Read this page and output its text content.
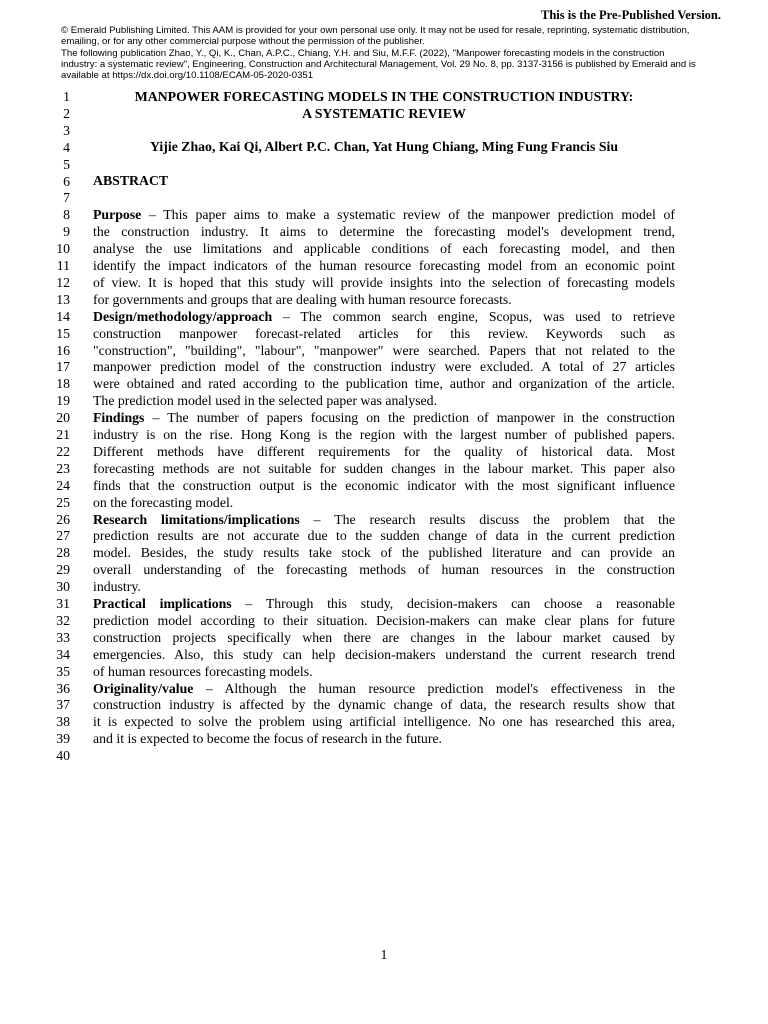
This is the Pre-Published Version.
© Emerald Publishing Limited. This AAM is provided for your own personal use only. It may not be used for resale, reprinting, systematic distribution,
emailing, or for any other commercial purpose without the permission of the publisher.
The following publication Zhao, Y., Qi, K., Chan, A.P.C., Chiang, Y.H. and Siu, M.F.F. (2022), "Manpower forecasting models in the construction
industry: a systematic review", Engineering, Construction and Architectural Management, Vol. 29 No. 8, pp. 3137-3156 is published by Emerald and is
available at https://dx.doi.org/10.1108/ECAM-05-2020-0351
1
2
3
4
5
6
7
8
9
10
11
12
13
14
15
16
17
18
19
20
21
22
23
24
25
26
27
28
29
30
31
32
33
34
35
36
37
38
39
40
MANPOWER FORECASTING MODELS IN THE CONSTRUCTION INDUSTRY:
A SYSTEMATIC REVIEW
Yijie Zhao, Kai Qi, Albert P.C. Chan, Yat Hung Chiang, Ming Fung Francis Siu
ABSTRACT
Purpose – This paper aims to make a systematic review of the manpower prediction model of
the construction industry. It aims to determine the forecasting model's development trend,
analyse the use limitations and applicable conditions of each forecasting model, and then
identify the impact indicators of the human resource forecasting model from an economic point
of view. It is hoped that this study will provide insights into the selection of forecasting models
for governments and groups that are dealing with human resource forecasts.
Design/methodology/approach – The common search engine, Scopus, was used to retrieve
construction manpower forecast-related articles for this review. Keywords such as
"construction", "building", "labour", "manpower" were searched. Papers that not related to the
manpower prediction model of the construction industry were excluded. A total of 27 articles
were obtained and rated according to the publication time, author and organization of the article.
The prediction model used in the selected paper was analysed.
Findings – The number of papers focusing on the prediction of manpower in the construction
industry is on the rise. Hong Kong is the region with the largest number of published papers.
Different methods have different requirements for the quality of historical data. Most
forecasting methods are not suitable for sudden changes in the labour market. This paper also
finds that the construction output is the economic indicator with the most significant influence
on the forecasting model.
Research limitations/implications – The research results discuss the problem that the
prediction results are not accurate due to the sudden change of data in the current prediction
model. Besides, the study results take stock of the published literature and can provide an
overall understanding of the forecasting methods of human resources in the construction
industry.
Practical implications – Through this study, decision-makers can choose a reasonable
prediction model according to their situation. Decision-makers can make clear plans for future
construction projects specifically when there are changes in the labour market caused by
emergencies. Also, this study can help decision-makers understand the current research trend
of human resources forecasting models.
Originality/value – Although the human resource prediction model's effectiveness in the
construction industry is affected by the dynamic change of data, the research results show that
it is expected to solve the problem using artificial intelligence. No one has researched this area,
and it is expected to become the focus of research in the future.
1
